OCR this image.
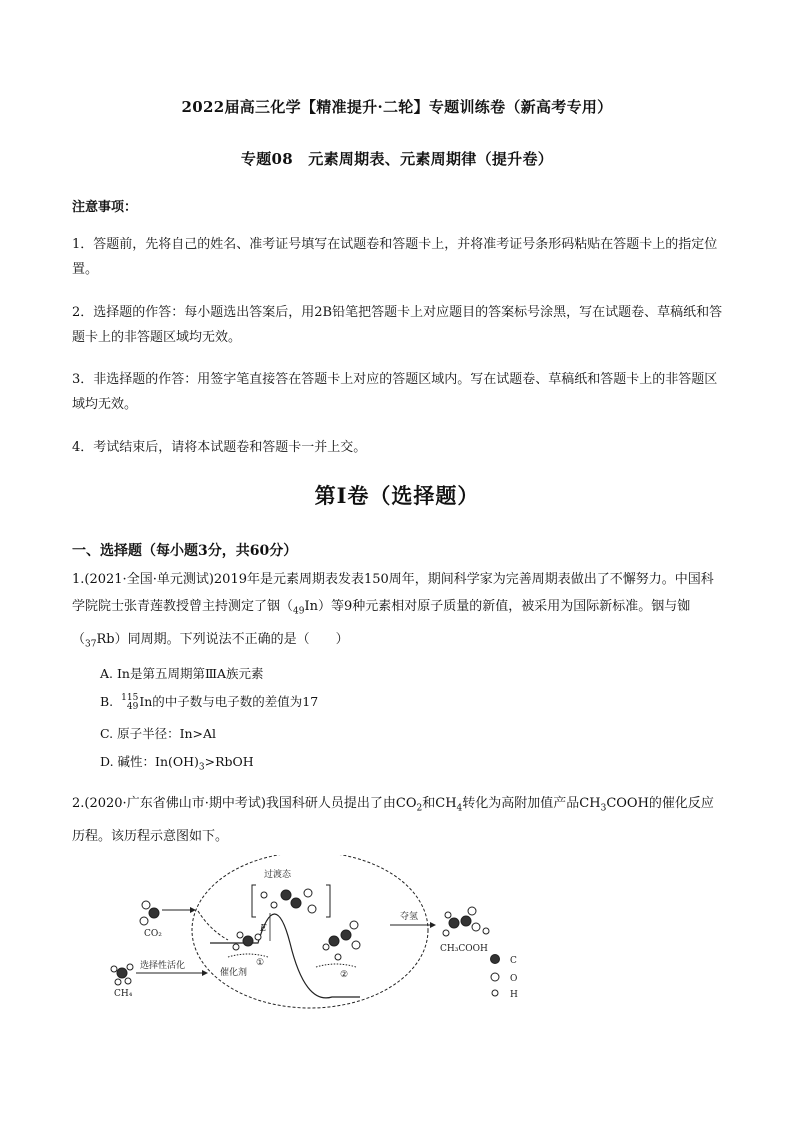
2022届高三化学【精准提升·二轮】专题训练卷（新高考专用）
专题08　元素周期表、元素周期律（提升卷）
注意事项：
1．答题前，先将自己的姓名、准考证号填写在试题卷和答题卡上，并将准考证号条形码粘贴在答题卡上的指定位置。
2．选择题的作答：每小题选出答案后，用2B铅笔把答题卡上对应题目的答案标号涂黑，写在试题卷、草稿纸和答题卡上的非答题区域均无效。
3．非选择题的作答：用签字笔直接答在答题卡上对应的答题区域内。写在试题卷、草稿纸和答题卡上的非答题区域均无效。
4．考试结束后，请将本试题卷和答题卡一并上交。
第Ⅰ卷（选择题）
一、选择题（每小题3分，共60分）
1.(2021·全国·单元测试)2019年是元素周期表发表150周年，期间科学家为完善周期表做出了不懈努力。中国科学院院士张青莲教授曾主持测定了铟$(_{49}In)$等9种元素相对原子质量的新值，被采用为国际新标准。铟与铷$(_{37}Rb)$同周期。下列说法不正确的是（　　）
A. In是第五周期第ⅢA族元素
B. 115
49In的中子数与电子数的差值为17
C. 原子半径：In>Al
D. 碱性：$In(OH)_3>RbOH$
2.(2020·广东省佛山市·期中考试)我国科研人员提出了由$CO_2$和$CH_4$转化为高附加值产品$CH_3COOH$的催化反应历程。该历程示意图如下。
CO₂
选择性活化
CH₄
E
过渡态
催化剂
①
②
夺氢
CH₃COOH
C
O
H
